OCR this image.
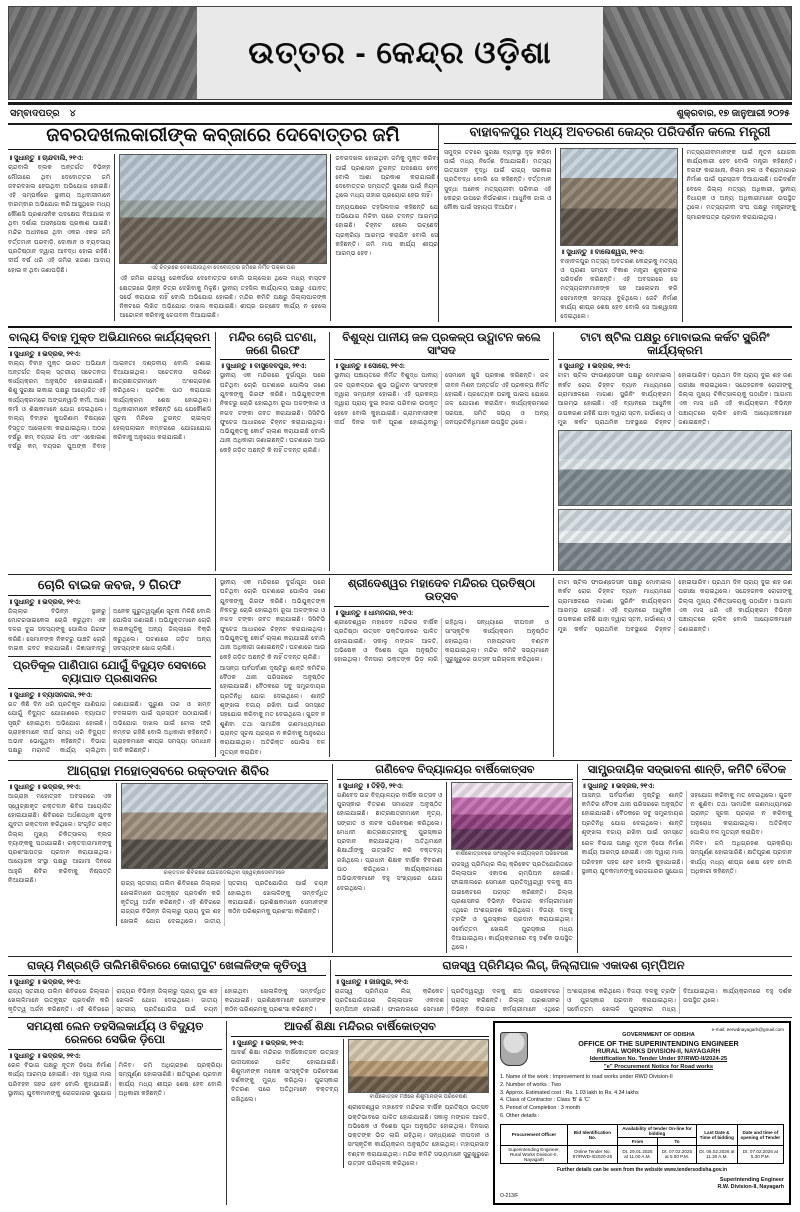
ଉତ୍ତର - କେନ୍ଦ୍ର ଓଡ଼ିଶା
ସମ୍ବାଦପତ୍ର ୪	ଶୁକ୍ରବାର, ୧୭ ଜାନୁଆରୀ ୨୦୨୫
ଜବରଦଖଲକାରୀଙ୍କ କବ୍ଜାରେ ଦେବୋତ୍ତର ଜମି
॥ ସୁଧାନ୍ତୁ ॥ ଚାନ୍ଦବାଲି, ୨୧ଏ:
ଚାନ୍ଦବାଲି ବ୍ଲକ ଅନ୍ତର୍ଗତ ବିଭିନ୍ନ ମୌଜାରେ ଥିବା ଦେବୋତ୍ତର ଜମି ଜବରଦଖଲ ହେଉଥିବା ଅଭିଯୋଗ ହୋଇଛି। ଏହି ସମ୍ପର୍କରେ ସ୍ଥାନୀୟ ଅଧିବାସୀମାନେ ବାରମ୍ବାର ଅଭିଯୋଗ କରି ଆସୁଥିଲେ ମଧ୍ୟ କୌଣସି ପ୍ରଶାସନିକ ପଦକ୍ଷେପ ନିଆଯାଇ ନ ଥିବା ଦର୍ଶାଇ ଅସନ୍ତୋଷ ପ୍ରକାଶ ପାଇଛି। ମନ୍ଦିର ଅଧୀନରେ ଥିବା ଏକର ଏକର ଜମି ବର୍ତ୍ତମାନ ଘରବାଡ଼ି, ଦୋକାନ ଓ ବ୍ୟବସାୟ ପ୍ରତିଷ୍ଠାନ ଦ୍ୱାରା ଆବଦ୍ଧ ହୋଇ ରହିଛି। ଦୀର୍ଘ ବର୍ଷ ଧରି ଏହି ଜମିର ଖଜଣା ଆଦାୟ ହୋଇ ନ ଥିବା ଜଣାପଡ଼ିଛି।	ଏହି ଚିତ୍ରରେ ଦେଖାଯାଉଥିବା ଦେବୋତ୍ତର ଜମିରେ ନିର୍ମିତ ପକ୍କା ଘର
ଏହି ଜମିର ରାଜସ୍ୱ ରେକର୍ଡରେ ଦେବୋତ୍ତର ବୋଲି ଉଲ୍ଲେଖ ଥିଲେ ମଧ୍ୟ ବାସ୍ତବ କ୍ଷେତ୍ରରେ ଭିନ୍ନ ଚିତ୍ର ଦେଖିବାକୁ ମିଳୁଛି। ସ୍ଥାନୀୟ ତହସିଲ କାର୍ଯ୍ୟାଳୟ ପକ୍ଷରୁ ଏଯାବତ୍ ସର୍ଭେ କରାଯାଇ ନାହିଁ ବୋଲି ଅଭିଯୋଗ ହୋଇଛି। ମନ୍ଦିର କମିଟି ପକ୍ଷରୁ ଜିଲ୍ଲାପାଳଙ୍କ ନିକଟରେ ଲିଖିତ ଅଭିଯୋଗ ଦାଖଲ କରାଯାଇଛି। ଶୀଘ୍ର ଉଚ୍ଛେଦ କାର୍ଯ୍ୟ ନ ହେଲେ ଆନ୍ଦୋଳନ କରିବାକୁ ଚେତାବନୀ ଦିଆଯାଇଛି।
ଜବରଦଖଲ ହୋଇଥିବା ଜମିକୁ ମୁକ୍ତ କରିବା ପାଇଁ ପ୍ରଶାସନ ତୁରନ୍ତ ପଦକ୍ଷେପ ନେବ ବୋଲି ଆଶା ପ୍ରକାଶ କରାଯାଇଛି। ଦେବୋତ୍ତର ସମ୍ପତ୍ତି ସୁରକ୍ଷା ପାଇଁ ନିୟମ ଥିଲେ ମଧ୍ୟ ତାହାର ପ୍ରୟୋଗ ହେଉ ନାହିଁ।
ଅନ୍ୟପକ୍ଷରେ ତହସିଲଦାର କହିଛନ୍ତି ଯେ ଅଭିଯୋଗ ମିଳିବା ପରେ ତଦନ୍ତ ଆରମ୍ଭ ହୋଇଛି। ଚିହ୍ନଟ ହେଲେ ଉଚ୍ଛେଦ ପ୍ରକ୍ରିୟା ଆରମ୍ଭ କରାଯିବ ବୋଲି ସେ କହିଛନ୍ତି। ଜମି ମାପ କାର୍ଯ୍ୟ ଶୀଘ୍ର ଆରମ୍ଭ ହେବ।
ବାହାବଳପୁର ମଧ୍ୟ ଅବତରଣ କେନ୍ଦ୍ର ପରିଦର୍ଶନ କଲେ ମନ୍ତ୍ରୀ
ସମୁଦ୍ର ତଟରେ ସୁରକ୍ଷା ବ୍ୟବସ୍ଥା ଦୃଢ଼ କରିବା ପାଇଁ ମଧ୍ୟ ନିର୍ଦ୍ଦେଶ ଦିଆଯାଇଛି। ମତ୍ସ୍ୟ ଉତ୍ପାଦନ ବୃଦ୍ଧି ପାଇଁ ରାଜ୍ୟ ସରକାର ପ୍ରତିବଦ୍ଧ ବୋଲି ସେ କହିଛନ୍ତି। ବର୍ତ୍ତମାନ ସୁଦ୍ଧା ଅନେକ ମତ୍ସ୍ୟଜୀବୀ ପରିବାର ଏହି କେନ୍ଦ୍ର ଉପରେ ନିର୍ଭରଶୀଳ। ଆଧୁନିକ ଜାଲ ଓ ନୌକା ପାଇଁ ସହାୟତା ଦିଆଯିବ।
॥ ସୁଧାନ୍ତୁ ॥ ବାଲେଶ୍ୱର, ୨୧ଏ:
ବାହାବଳପୁର ମତ୍ସ୍ୟ ଅବତରଣ କେନ୍ଦ୍ରକୁ ମତ୍ସ୍ୟ ଓ ପ୍ରାଣୀ ସମ୍ପଦ ବିକାଶ ମନ୍ତ୍ରୀ ଶୁକ୍ରବାର ପରିଦର୍ଶନ କରିଛନ୍ତି। ଏହି ଅବସରରେ ସେ ମତ୍ସ୍ୟଜୀବୀମାନଙ୍କ ସହ ଆଲୋଚନା କରି ସେମାନଙ୍କ ସମସ୍ୟା ବୁଝିଥିଲେ। ଜେଟି ନିର୍ମାଣ କାର୍ଯ୍ୟ ଶୀଘ୍ର ଶେଷ ହେବ ବୋଲି ସେ ଆଶ୍ୱାସନା ଦେଇଥିଲେ।
ମତ୍ସ୍ୟଜୀବୀମାନଙ୍କ ପାଇଁ ନୂତନ ଯୋଜନା କାର୍ଯ୍ୟକାରୀ ହେବ ବୋଲି ମନ୍ତ୍ରୀ କହିଛନ୍ତି। ବରଫ କାରଖାନା, ନିଲାମ ହଲ ଓ ବିଶ୍ରାମାଗାର ନିର୍ମାଣ ପାଇଁ ପ୍ରସ୍ତାବ ଦିଆଯାଇଛି। ପରିଦର୍ଶନ ବେଳେ ଜିଲ୍ଲା ମତ୍ସ୍ୟ ଅଧିକାରୀ, ସ୍ଥାନୀୟ ବିଧାୟକ ଓ ଅନ୍ୟ ଅଧିକାରୀମାନେ ଉପସ୍ଥିତ ଥିଲେ। ମତ୍ସ୍ୟଜୀବୀ ସଂଘ ପକ୍ଷରୁ ମନ୍ତ୍ରୀଙ୍କୁ ସ୍ମାରକପତ୍ର ପ୍ରଦାନ କରାଯାଇଥିଲା।
ବାଲ୍ୟ ବିବାହ ମୁକ୍ତ ଅଭିଯାନରେ କାର୍ଯ୍ୟକ୍ରମ
॥ ସୁଧାନ୍ତୁ ॥ ଭଦ୍ରକ, ୨୧ଏ:
ବାଲ୍ୟ ବିବାହ ମୁକ୍ତ ଭାରତ ଅଭିଯାନ ଅନ୍ତର୍ଗତ ଜିଲ୍ଲା ସ୍ତରୀୟ ସଚେତନତା କାର୍ଯ୍ୟକ୍ରମ ଅନୁଷ୍ଠିତ ହୋଇଯାଇଛି। ଶିଶୁ ସୁରକ୍ଷା ଇକାଇ ପକ୍ଷରୁ ଆୟୋଜିତ ଏହି କାର୍ଯ୍ୟକ୍ରମରେ ଅଙ୍ଗନୱାଡ଼ି କର୍ମୀ, ଆଶା କର୍ମୀ ଓ ଶିକ୍ଷକମାନେ ଯୋଗ ଦେଇଥିଲେ। ବାଲ୍ୟ ବିବାହର କୁପରିଣାମ ବିଷୟରେ ବିସ୍ତୃତ ଆଲୋଚନା କରାଯାଇଥିଲା। ଅଠର ବର୍ଷରୁ କମ୍ ବୟସର ଝିଅ ଏବଂ ଏକୋଇଶ ବର୍ଷରୁ କମ୍ ବୟସର ପୁଅଙ୍କ ବିବାହ ଆଇନତଃ ଦଣ୍ଡନୀୟ ବୋଲି ଜଣାଇ ଦିଆଯାଇଥିଲା। ସଚେତନତା ରାଲିରେ ଛାତ୍ରଛାତ୍ରୀମାନେ ଅଂଶଗ୍ରହଣ କରିଥିଲେ। ପ୍ରତିଜ୍ଞା ପାଠ କରାଯାଇ କାର୍ଯ୍ୟକ୍ରମ ଶେଷ ହୋଇଥିଲା। ଅଧିକାରୀମାନେ କହିଛନ୍ତି ଯେ ଯେକୌଣସି ସୂଚନା ମିଳିଲେ ତୁରନ୍ତ ଚାଇଲ୍ଡ ହେଲ୍ପଲାଇନ ନମ୍ବରରେ ଯୋଗାଯୋଗ କରିବାକୁ ଅନୁରୋଧ କରାଯାଇଛି।
ମନ୍ଦିର ଚୋରି ଘଟଣା, ଜଣେ ଗିରଫ
॥ ସୁଧାନ୍ତୁ ॥ ବାସୁଦେବପୁର, ୨୧ଏ:
ସ୍ଥାନୀୟ ଏକ ମନ୍ଦିରରେ ଦୁର୍ଗାପୂଜା ପରେ ଘଟିଥିବା ଚୋରି ଘଟଣାରେ ପୋଲିସ ଜଣେ ଯୁବକଙ୍କୁ ଗିରଫ କରିଛି। ଅଭିଯୁକ୍ତଙ୍କ ନିକଟରୁ ଚୋରି ହୋଇଥିବା ରୂପା ଅଳଙ୍କାର ଓ ନଗଦ ଟଙ୍କା ଜବତ କରାଯାଇଛି। ସିସିଟିଭି ଫୁଟେଜ ଆଧାରରେ ଚିହ୍ନଟ କରାଯାଇଥିଲା। ଅଭିଯୁକ୍ତକୁ କୋର୍ଟ ଚାଲାଣ କରାଯାଇଛି ବୋଲି ଥାନା ଅଧିକାରୀ ଜଣାଇଛନ୍ତି। ଘଟଣାରେ ଆଉ କେହି ଜଡ଼ିତ ଅଛନ୍ତି କି ନାହିଁ ତଦନ୍ତ ଚାଲିଛି।
ବିଶୁଦ୍ଧ ପାନୀୟ ଜଳ ପ୍ରକଳ୍ପ ଉଦ୍ଘାଟନ କଲେ ସାଂସଦ
॥ ସୁଧାନ୍ତୁ ॥ ସୋରୋ, ୨୧ଏ:
ସ୍ଥାନୀୟ ପଞ୍ଚାୟତରେ ନିର୍ମିତ ବିଶୁଦ୍ଧ ପାନୀୟ ଜଳ ପ୍ରକଳ୍ପର ଶୁଭ ଉଦ୍ଘାଟନ ସାଂସଦଙ୍କ ଦ୍ୱାରା ସମ୍ପନ୍ନ ହୋଇଛି। ଏହି ପ୍ରକଳ୍ପ ଦ୍ୱାରା ପ୍ରାୟ ଦୁଇ ହଜାର ପରିବାର ଉପକୃତ ହେବେ ବୋଲି କୁହାଯାଇଛି। ଗ୍ରାମବାସୀଙ୍କ ଦୀର୍ଘ ଦିନର ଦାବି ପୂରଣ ହୋଇଥିବାରୁ ସେମାନେ ଖୁସି ପ୍ରକାଶ କରିଛନ୍ତି। ଜଳ ଜୀବନ ମିଶନ ଅନ୍ତର୍ଗତ ଏହି ପ୍ରକଳ୍ପ ନିର୍ମିତ ହୋଇଛି। ପ୍ରତ୍ୟେକ ଘରକୁ ପାଇପ ଯୋଗେ ଜଳ ଯୋଗାଣ କରାଯିବ। କାର୍ଯ୍ୟକ୍ରମରେ ସରପଞ୍ଚ, ସମିତି ସଭ୍ୟ ଓ ଅନ୍ୟ ଜନପ୍ରତିନିଧିମାନେ ଉପସ୍ଥିତ ଥିଲେ।
ଟାଟା ଷ୍ଟିଲ ପକ୍ଷରୁ ମୋବାଇଲ କର୍କଟ ସ୍କ୍ରିନିଂ କାର୍ଯ୍ୟକ୍ରମ
॥ ସୁଧାନ୍ତୁ ॥ ଭଦ୍ରକ, ୨୧ଏ:
ଟାଟା ଷ୍ଟିଲ ଫାଉଣ୍ଡେସନ ପକ୍ଷରୁ ମୋବାଇଲ କର୍କଟ ରୋଗ ଚିହ୍ନଟ ବ୍ୟାନ ମାଧ୍ୟମରେ ଗ୍ରାମାଞ୍ଚଳରେ ମାଗଣା ସ୍କ୍ରିନିଂ କାର୍ଯ୍ୟକ୍ରମ ଆରମ୍ଭ ହୋଇଛି। ଏହି ବ୍ୟାନରେ ଆଧୁନିକ ଉପକରଣ ରହିଛି ଯାହା ଦ୍ୱାରା ସ୍ତନ, ଗର୍ଭାଶୟ ଓ ମୁଖ କର୍କଟ ପ୍ରାଥମିକ ଅବସ୍ଥାରେ ଚିହ୍ନଟ ହୋଇପାରିବ। ପ୍ରଥମ ଦିନ ପ୍ରାୟ ଦୁଇ ଶହ ଜଣ ପରୀକ୍ଷା କରାଇଥିଲେ। ସନ୍ଦେହଜନକ ରୋଗୀଙ୍କୁ ଜିଲ୍ଲା ମୁଖ୍ୟ ଚିକିତ୍ସାଳୟକୁ ପଠାଯିବ। ଆଗାମୀ ଏକ ମାସ ଧରି ଏହି କାର୍ଯ୍ୟକ୍ରମ ବିଭିନ୍ନ ପଞ୍ଚାୟତରେ ଚାଲିବ ବୋଲି ଆୟୋଜକମାନେ ଜଣାଇଛନ୍ତି।
ଚୋରି ବାଇକ କବଜ, ୨ ଗିରଫ
॥ ସୁଧାନ୍ତୁ ॥ ଭଦ୍ରକ, ୨୧ଏ:
ଜିଲ୍ଲାର ବିଭିନ୍ନ ସ୍ଥାନରୁ ମୋଟରସାଇକେଲ ଚୋରି କରୁଥିବା ଏକ ଦଳର ଦୁଇ ସଦସ୍ୟଙ୍କୁ ପୋଲିସ ଗିରଫ କରିଛି। ସେମାନଙ୍କ ନିକଟରୁ ପାଞ୍ଚଟି ଚୋରି ବାଇକ ଜବତ କରାଯାଇଛି। ଜିଜ୍ଞାସାବାଦରୁ ଅନେକ ଗୁରୁତ୍ୱପୂର୍ଣ୍ଣ ସୂଚନା ମିଳିଛି ବୋଲି ପୋଲିସ ଜଣାଇଛି। ଅଭିଯୁକ୍ତମାନେ ଚୋରି ବାଇକଗୁଡ଼ିକୁ ଅନ୍ୟ ଜିଲ୍ଲାରେ ବିକ୍ରି କରୁଥିଲେ। ଘଟଣାରେ ଜଡ଼ିତ ଅନ୍ୟ ସଦସ୍ୟଙ୍କ ଖୋଜ ଚାଲିଛି।
ପ୍ରତିକୂଳ ପାଣିପାଗ ଯୋଗୁଁ ବିଦ୍ୟୁତ ସେବାରେ ବ୍ୟାଘାତ ପ୍ରଶାସନର
॥ ସୁଧାନ୍ତୁ ॥ ବ୍ୟାସନଗର, ୨୧ଏ:
ଗତ କିଛି ଦିନ ଧରି ପ୍ରତିକୂଳ ପାଣିପାଗ ଯୋଗୁଁ ବିଦ୍ୟୁତ ଯୋଗାଣରେ ବ୍ୟାଘାତ ସୃଷ୍ଟି ହୋଇଥିବା ଅଭିଯୋଗ ହୋଇଛି। ଗ୍ରାହକମାନେ ଦୀର୍ଘ ସମୟ ଧରି ବିଦ୍ୟୁତ ଅଭାବ ଭୋଗୁଥିବା କହିଛନ୍ତି। ବିଭାଗ ପକ୍ଷରୁ ମରାମତି କାର୍ଯ୍ୟ ଚାଲିଥିବା ଜଣାଯାଇଛି। ପୁରୁଣା ତାର ଓ ଖମ୍ବ ବଦଳାଇବା ପାଇଁ ପ୍ରସ୍ତାବ ପଠାଯାଇଛି। ଅଭିଯୋଗ ଦାଖଲ ପାଇଁ ଟୋଲ ଫ୍ରି ନମ୍ବର ରହିଛି ବୋଲି ଅଧିକାରୀ କହିଛନ୍ତି। ଗ୍ରାହକମାନେ ଶୀଘ୍ର ସମସ୍ୟା ସମାଧାନ ଦାବି କରିଛନ୍ତି।
ସ୍ଥାନୀୟ ଏକ ମନ୍ଦିରରେ ଦୁର୍ଗାପୂଜା ପରେ ଘଟିଥିବା ଚୋରି ଘଟଣାରେ ପୋଲିସ ଜଣେ ଯୁବକଙ୍କୁ ଗିରଫ କରିଛି। ଅଭିଯୁକ୍ତଙ୍କ ନିକଟରୁ ଚୋରି ହୋଇଥିବା ରୂପା ଅଳଙ୍କାର ଓ ନଗଦ ଟଙ୍କା ଜବତ କରାଯାଇଛି। ସିସିଟିଭି ଫୁଟେଜ ଆଧାରରେ ଚିହ୍ନଟ କରାଯାଇଥିଲା। ଅଭିଯୁକ୍ତକୁ କୋର୍ଟ ଚାଲାଣ କରାଯାଇଛି ବୋଲି ଥାନା ଅଧିକାରୀ ଜଣାଇଛନ୍ତି। ଘଟଣାରେ ଆଉ କେହି ଜଡ଼ିତ ଅଛନ୍ତି କି ନାହିଁ ତଦନ୍ତ ଚାଲିଛି।
ଆସନ୍ତା ପର୍ବପର୍ବାଣୀ ଦୃଷ୍ଟିରୁ ଶାନ୍ତି କମିଟିର ବୈଠକ ଥାନା ପରିସରରେ ଅନୁଷ୍ଠିତ ହୋଇଯାଇଛି। ବୈଠକରେ ସବୁ ସମ୍ପ୍ରଦାୟର ପ୍ରତିନିଧି ଯୋଗ ଦେଇଥିଲେ। ଶାନ୍ତି ଶୃଙ୍ଖଳା ବଜାୟ ରଖିବା ପାଇଁ ସମସ୍ତେ ସହଯୋଗ କରିବାକୁ ମତ ଦେଇଥିଲେ। ଗୁଜବ ନ ଶୁଣିବା ତଥା ସାମାଜିକ ଗଣମାଧ୍ୟମରେ ଭ୍ରାନ୍ତ ସୂଚନା ପ୍ରଚାର ନ କରିବାକୁ ଅନୁରୋଧ କରାଯାଇଥିଲା। ଅତିରିକ୍ତ ପୋଲିସ ବଳ ମୁତୟନ କରାଯିବ।
ଶ୍ରୀଦେଶ୍ୱର ମହାଦେବ ମନ୍ଦିରର ପ୍ରତିଷ୍ଠା ଉତ୍ସବ
॥ ସୁଧାନ୍ତୁ ॥ ଧାମନଗର, ୨୧ଏ:
ଶ୍ରୀଦେଶ୍ୱର ମହାଦେବ ମନ୍ଦିରର ବାର୍ଷିକ ପ୍ରତିଷ୍ଠା ଉତ୍ସବ ଭକ୍ତିଭାବରେ ପାଳିତ ହୋଇଯାଇଛି। ସକାଳୁ ମଙ୍ଗଳ ଆଳତି, ଅଭିଷେକ ଓ ବିଶେଷ ପୂଜା ଅନୁଷ୍ଠିତ ହୋଇଥିଲା। ଦିନସାରା ଭକ୍ତଙ୍କ ଭିଡ଼ ଲାଗି ରହିଥିଲା। ସନ୍ଧ୍ୟାରେ ଦୀପଦାନ ଓ ସାଂସ୍କୃତିକ କାର୍ଯ୍ୟକ୍ରମ ଅନୁଷ୍ଠିତ ହୋଇଥିଲା। ମହାପ୍ରସାଦ ବଣ୍ଟନ କରାଯାଇଥିଲା। ମନ୍ଦିର କମିଟି ସଭ୍ୟମାନେ ସୁରୁଖୁରୁରେ ଉତ୍ସବ ପରିଚାଳନା କରିଥିଲେ।
ଟାଟା ଷ୍ଟିଲ ଫାଉଣ୍ଡେସନ ପକ୍ଷରୁ ମୋବାଇଲ କର୍କଟ ରୋଗ ଚିହ୍ନଟ ବ୍ୟାନ ମାଧ୍ୟମରେ ଗ୍ରାମାଞ୍ଚଳରେ ମାଗଣା ସ୍କ୍ରିନିଂ କାର୍ଯ୍ୟକ୍ରମ ଆରମ୍ଭ ହୋଇଛି। ଏହି ବ୍ୟାନରେ ଆଧୁନିକ ଉପକରଣ ରହିଛି ଯାହା ଦ୍ୱାରା ସ୍ତନ, ଗର୍ଭାଶୟ ଓ ମୁଖ କର୍କଟ ପ୍ରାଥମିକ ଅବସ୍ଥାରେ ଚିହ୍ନଟ ହୋଇପାରିବ। ପ୍ରଥମ ଦିନ ପ୍ରାୟ ଦୁଇ ଶହ ଜଣ ପରୀକ୍ଷା କରାଇଥିଲେ। ସନ୍ଦେହଜନକ ରୋଗୀଙ୍କୁ ଜିଲ୍ଲା ମୁଖ୍ୟ ଚିକିତ୍ସାଳୟକୁ ପଠାଯିବ। ଆଗାମୀ ଏକ ମାସ ଧରି ଏହି କାର୍ଯ୍ୟକ୍ରମ ବିଭିନ୍ନ ପଞ୍ଚାୟତରେ ଚାଲିବ ବୋଲି ଆୟୋଜକମାନେ ଜଣାଇଛନ୍ତି।
ଆଗ୍ରାହା ମହୋତ୍ସବରେ ରକ୍ତଦାନ ଶିବିର
॥ ସୁଧାନ୍ତୁ ॥ ଭଦ୍ରକ, ୨୧ଏ:
ଆଗ୍ରାହା ମହୋତ୍ସବ ଅବସରରେ ଏକ ସ୍ୱେଚ୍ଛାକୃତ ରକ୍ତଦାନ ଶିବିର ଆୟୋଜିତ ହୋଇଯାଇଛି। ଶିବିରରେ ଅର୍ଧଶତାଧିକ ଯୁବକ ଯୁବତୀ ରକ୍ତଦାନ କରିଥିଲେ। ସଂଗୃହିତ ରକ୍ତ ଜିଲ୍ଲା ମୁଖ୍ୟ ଚିକିତ୍ସାଳୟ ବ୍ଲଡ ବ୍ୟାଙ୍କକୁ ପଠାଯାଇଛି। ରକ୍ତଦାତାମାନଙ୍କୁ ପ୍ରଶଂସାପତ୍ର ପ୍ରଦାନ କରାଯାଇଥିଲା। ଆୟୋଜକ ସଂସ୍ଥା ପକ୍ଷରୁ ଆଗାମୀ ଦିନରେ ଆହୁରି ଶିବିର କରିବାକୁ ନିଷ୍ପତ୍ତି ନିଆଯାଇଛି।
ରକ୍ତଦାନ ଶିବିରରେ ଯୋଗଦେଇଥିବା ସ୍ୱେଚ୍ଛାସେବୀମାନେ
ରାଜ୍ୟ ସ୍ତରୀୟ ତାଲିମ ଶିବିରରେ ଜିଲ୍ଲାର ଖେଳାଳିମାନେ ଉତ୍କୃଷ୍ଟ ପ୍ରଦର୍ଶନ କରି କୃତିତ୍ୱ ଅର୍ଜନ କରିଛନ୍ତି। ଏହି ଶିବିରରେ ରାଜ୍ୟର ବିଭିନ୍ନ ଜିଲ୍ଲାରୁ ପ୍ରାୟ ଦୁଇ ଶହ ଖେଳାଳି ଯୋଗ ଦେଇଥିଲେ। ଜାତୀୟ ସ୍ତରୀୟ ପ୍ରତିଯୋଗିତା ପାଇଁ ଚୟନ ହୋଇଥିବା ଖେଳାଳିଙ୍କୁ ସମ୍ବର୍ଦ୍ଧିତ କରାଯାଇଛି। ପ୍ରଶିକ୍ଷକମାନେ ସେମାନଙ୍କ କଠିନ ପରିଶ୍ରମକୁ ପ୍ରଶଂସା କରିଛନ୍ତି।
ଗଣିବେଦ ବିଦ୍ୟାଳୟର ବାର୍ଷିକୋତ୍ସବ
॥ ସୁଧାନ୍ତୁ ॥ ତିହିଡ଼ି, ୨୧ଏ:
ଗଣିବେଦ ଉଚ୍ଚ ବିଦ୍ୟାଳୟର ବାର୍ଷିକ ଉତ୍ସବ ଓ ପୁରସ୍କାର ବିତରଣ ସମାରୋହ ଅନୁଷ୍ଠିତ ହୋଇଯାଇଛି। ଛାତ୍ରଛାତ୍ରୀମାନେ ନୃତ୍ୟ, ସଙ୍ଗୀତ ଓ ନାଟକ ପରିବେଷଣ କରିଥିଲେ। ମେଧାବୀ ଛାତ୍ରଛାତ୍ରୀଙ୍କୁ ପୁରସ୍କାର ପ୍ରଦାନ କରାଯାଇଥିଲା। ଅତିଥିମାନେ ଶିକ୍ଷାର୍ଥୀଙ୍କୁ ଉତ୍ସାହିତ କରି ବକ୍ତବ୍ୟ ରଖିଥିଲେ। ପ୍ରଧାନ ଶିକ୍ଷକ ବାର୍ଷିକ ବିବରଣୀ ପାଠ କରିଥିଲେ। କାର୍ଯ୍ୟକ୍ରମରେ ଅଭିଭାବକମାନେ ବହୁ ସଂଖ୍ୟାରେ ଯୋଗ ଦେଇଥିଲେ।
ବାର୍ଷିକୋତ୍ସବରେ ସାଂସ୍କୃତିକ କାର୍ଯ୍ୟକ୍ରମ ପରିବେଷଣ
ରାଜସ୍ୱ ପ୍ରିମିୟର ଲିଗ୍ କ୍ରିକେଟ ପ୍ରତିଯୋଗିତାରେ ଜିଲ୍ଲାପାଳ ଏକାଦଶ ଚାମ୍ପିଅନ ହୋଇଛି। ଫାଇନାଲରେ ସେମାନେ ପ୍ରତିଦ୍ୱନ୍ଦ୍ୱୀ ଦଳକୁ ଛଅ ଉଇକେଟରେ ପରାସ୍ତ କରିଛନ୍ତି। ଜିଲ୍ଲା ପ୍ରଶାସନର ବିଭିନ୍ନ ବିଭାଗର କର୍ମଚାରୀମାନେ ଏଥିରେ ଅଂଶଗ୍ରହଣ କରିଥିଲେ। ବିଜୟୀ ଦଳକୁ ଟ୍ରଫି ଓ ପୁରସ୍କାର ପ୍ରଦାନ କରାଯାଇଥିଲା। ସର୍ବୋତ୍ତମ ଖେଳାଳି ପୁରସ୍କାର ମଧ୍ୟ ଦିଆଯାଇଥିଲା। କାର୍ଯ୍ୟକ୍ରମରେ ବହୁ ଦର୍ଶକ ଉପସ୍ଥିତ ଥିଲେ।
ସାମ୍ପ୍ରଦାୟିକ ସଦ୍ଭାବନା ଶାନ୍ତି, କମିଟି ବୈଠକ
॥ ସୁଧାନ୍ତୁ ॥ ଭଦ୍ରକ, ୨୧ଏ:
ଆସନ୍ତା ପର୍ବପର୍ବାଣୀ ଦୃଷ୍ଟିରୁ ଶାନ୍ତି କମିଟିର ବୈଠକ ଥାନା ପରିସରରେ ଅନୁଷ୍ଠିତ ହୋଇଯାଇଛି। ବୈଠକରେ ସବୁ ସମ୍ପ୍ରଦାୟର ପ୍ରତିନିଧି ଯୋଗ ଦେଇଥିଲେ। ଶାନ୍ତି ଶୃଙ୍ଖଳା ବଜାୟ ରଖିବା ପାଇଁ ସମସ୍ତେ ସହଯୋଗ କରିବାକୁ ମତ ଦେଇଥିଲେ। ଗୁଜବ ନ ଶୁଣିବା ତଥା ସାମାଜିକ ଗଣମାଧ୍ୟମରେ ଭ୍ରାନ୍ତ ସୂଚନା ପ୍ରଚାର ନ କରିବାକୁ ଅନୁରୋଧ କରାଯାଇଥିଲା। ଅତିରିକ୍ତ ପୋଲିସ ବଳ ମୁତୟନ କରାଯିବ।
ରେଳ ବିଭାଗ ପକ୍ଷରୁ ନୂତନ ଡ଼ିପୋ ନିର୍ମାଣ କାର୍ଯ୍ୟ ଆରମ୍ଭ ହୋଇଛି। ଏହା ଦ୍ୱାରା ମାଲ ପରିବହନ ସହଜ ହେବ ବୋଲି କୁହାଯାଇଛି। ସ୍ଥାନୀୟ ଯୁବକମାନଙ୍କୁ ରୋଜଗାରର ସୁଯୋଗ ମିଳିବ। ଜମି ଅଧିଗ୍ରହଣ ପ୍ରକ୍ରିୟା ସମ୍ପୂର୍ଣ୍ଣ ହୋଇସାରିଛି। କ୍ଷତିପୂରଣ ପ୍ରଦାନ କାର୍ଯ୍ୟ ମଧ୍ୟ ଶୀଘ୍ର ଶେଷ ହେବ ବୋଲି ଅଧିକାରୀ କହିଛନ୍ତି।
ରାଜ୍ୟ ମିଶ୍ରଣ୍ଡି ତାଲିମଶିବିରରେ କୋରାପୁଟ ଖେଳାଳିଙ୍କ କୃତିତ୍ୱ
॥ ସୁଧାନ୍ତୁ ॥ ଭଦ୍ରକ, ୨୧ଏ:
ରାଜ୍ୟ ସ୍ତରୀୟ ତାଲିମ ଶିବିରରେ ଜିଲ୍ଲାର ଖେଳାଳିମାନେ ଉତ୍କୃଷ୍ଟ ପ୍ରଦର୍ଶନ କରି କୃତିତ୍ୱ ଅର୍ଜନ କରିଛନ୍ତି। ଏହି ଶିବିରରେ ରାଜ୍ୟର ବିଭିନ୍ନ ଜିଲ୍ଲାରୁ ପ୍ରାୟ ଦୁଇ ଶହ ଖେଳାଳି ଯୋଗ ଦେଇଥିଲେ। ଜାତୀୟ ସ୍ତରୀୟ ପ୍ରତିଯୋଗିତା ପାଇଁ ଚୟନ ହୋଇଥିବା ଖେଳାଳିଙ୍କୁ ସମ୍ବର୍ଦ୍ଧିତ କରାଯାଇଛି। ପ୍ରଶିକ୍ଷକମାନେ ସେମାନଙ୍କ କଠିନ ପରିଶ୍ରମକୁ ପ୍ରଶଂସା କରିଛନ୍ତି।
ରାଜସ୍ୱ ପ୍ରିମିୟର ଲିଗ୍, ଜିଲ୍ଲାପାଳ ଏକାଦଶ ଚାମ୍ପିଅନ
॥ ସୁଧାନ୍ତୁ ॥ ଜାଜପୁର, ୨୧ଏ:
ରାଜସ୍ୱ ପ୍ରିମିୟର ଲିଗ୍ କ୍ରିକେଟ ପ୍ରତିଯୋଗିତାରେ ଜିଲ୍ଲାପାଳ ଏକାଦଶ ଚାମ୍ପିଅନ ହୋଇଛି। ଫାଇନାଲରେ ସେମାନେ ପ୍ରତିଦ୍ୱନ୍ଦ୍ୱୀ ଦଳକୁ ଛଅ ଉଇକେଟରେ ପରାସ୍ତ କରିଛନ୍ତି। ଜିଲ୍ଲା ପ୍ରଶାସନର ବିଭିନ୍ନ ବିଭାଗର କର୍ମଚାରୀମାନେ ଏଥିରେ ଅଂଶଗ୍ରହଣ କରିଥିଲେ। ବିଜୟୀ ଦଳକୁ ଟ୍ରଫି ଓ ପୁରସ୍କାର ପ୍ରଦାନ କରାଯାଇଥିଲା। ସର୍ବୋତ୍ତମ ଖେଳାଳି ପୁରସ୍କାର ମଧ୍ୟ ଦିଆଯାଇଥିଲା। କାର୍ଯ୍ୟକ୍ରମରେ ବହୁ ଦର୍ଶକ ଉପସ୍ଥିତ ଥିଲେ।
ସମୟଷୀ ଲେନ ତହସିଲକାର୍ଯ୍ୟ ଓ ବିଦ୍ୟୁତ ରେଳରେ ସେଭିକ ଡ଼ିପୋ
॥ ସୁଧାନ୍ତୁ ॥ ଭଦ୍ରକ, ୨୧ଏ:
ରେଳ ବିଭାଗ ପକ୍ଷରୁ ନୂତନ ଡ଼ିପୋ ନିର୍ମାଣ କାର୍ଯ୍ୟ ଆରମ୍ଭ ହୋଇଛି। ଏହା ଦ୍ୱାରା ମାଲ ପରିବହନ ସହଜ ହେବ ବୋଲି କୁହାଯାଇଛି। ସ୍ଥାନୀୟ ଯୁବକମାନଙ୍କୁ ରୋଜଗାରର ସୁଯୋଗ ମିଳିବ। ଜମି ଅଧିଗ୍ରହଣ ପ୍ରକ୍ରିୟା ସମ୍ପୂର୍ଣ୍ଣ ହୋଇସାରିଛି। କ୍ଷତିପୂରଣ ପ୍ରଦାନ କାର୍ଯ୍ୟ ମଧ୍ୟ ଶୀଘ୍ର ଶେଷ ହେବ ବୋଲି ଅଧିକାରୀ କହିଛନ୍ତି।
ଆଦର୍ଶ ଶିକ୍ଷା ମନ୍ଦିରର ବାର୍ଷିକୋତ୍ସବ
॥ ସୁଧାନ୍ତୁ ॥ ଭଦ୍ରକ, ୨୧ଏ:
ଆଦର୍ଶ ଶିକ୍ଷା ମନ୍ଦିରର ବାର୍ଷିକୋତ୍ସବ ଉତ୍ସାହ ଉଦ୍ଦୀପନାରେ ପାଳିତ ହୋଇଯାଇଛି। ଶିଶୁମାନଙ୍କ ମନୋଜ୍ଞ ସାଂସ୍କୃତିକ ପରିବେଷଣ ଦର୍ଶକଙ୍କୁ ମୁଗ୍ଧ କରିଥିଲା। ପୁରସ୍କାର ବିତରଣ ପରେ ଅତିଥିମାନେ ବକ୍ତବ୍ୟ ରଖିଥିଲେ।	ବାର୍ଷିକୋତ୍ସବ ମଞ୍ଚରେ ଶିଶୁମାନଙ୍କ ପରିବେଷଣ
ଶ୍ରୀଦେଶ୍ୱର ମହାଦେବ ମନ୍ଦିରର ବାର୍ଷିକ ପ୍ରତିଷ୍ଠା ଉତ୍ସବ ଭକ୍ତିଭାବରେ ପାଳିତ ହୋଇଯାଇଛି। ସକାଳୁ ମଙ୍ଗଳ ଆଳତି, ଅଭିଷେକ ଓ ବିଶେଷ ପୂଜା ଅନୁଷ୍ଠିତ ହୋଇଥିଲା। ଦିନସାରା ଭକ୍ତଙ୍କ ଭିଡ଼ ଲାଗି ରହିଥିଲା। ସନ୍ଧ୍ୟାରେ ଦୀପଦାନ ଓ ସାଂସ୍କୃତିକ କାର୍ଯ୍ୟକ୍ରମ ଅନୁଷ୍ଠିତ ହୋଇଥିଲା। ମହାପ୍ରସାଦ ବଣ୍ଟନ କରାଯାଇଥିଲା। ମନ୍ଦିର କମିଟି ସଭ୍ୟମାନେ ସୁରୁଖୁରୁରେ ଉତ୍ସବ ପରିଚାଳନା କରିଥିଲେ।
e-mail: eerwdnayagarh@gmail.com
GOVERNMENT OF ODISHA
OFFICE OF THE SUPERINTENDING ENGINEER
RURAL WORKS DIVISION-II, NAYAGARH
Identification No. Tender Under 97/RWD-II/2024-25
"e" Procurement Notice for Road works
1. Name of the work : Improvement to road works under RWD Division-II
2. Number of works : Two
3. Approx. Estimated cost : Rs. 1.03 lakh to Rs. 4.34 lakhs
4. Class of Contractor : Class 'B' & 'C'
5. Period of Completion : 3 month
6. Other details :
Procurement Officer	Bid Identification No.	Availability of tender On-line for bidding		Last Date & Time of bidding	Date and time of opening of Tender
		From	To		
Superintending Engineer, Rural Works Division-II, Nayagarh	Online Tender No. 97/RWD-II/2020-26	Dt. 29.01.2025 at 11.00 A.M.	Dt. 07.02.2025 at 5.00 P.M.	Dt. 06.02.2026 at 11.30 A.M.	Dt. 07.02.2026 at 5.30 P.M.
Further details can be seen from the website www.tendersodisha.gov.in
Superintending Engineer
R.W. Division-II, Nayagarh
O-213/F
